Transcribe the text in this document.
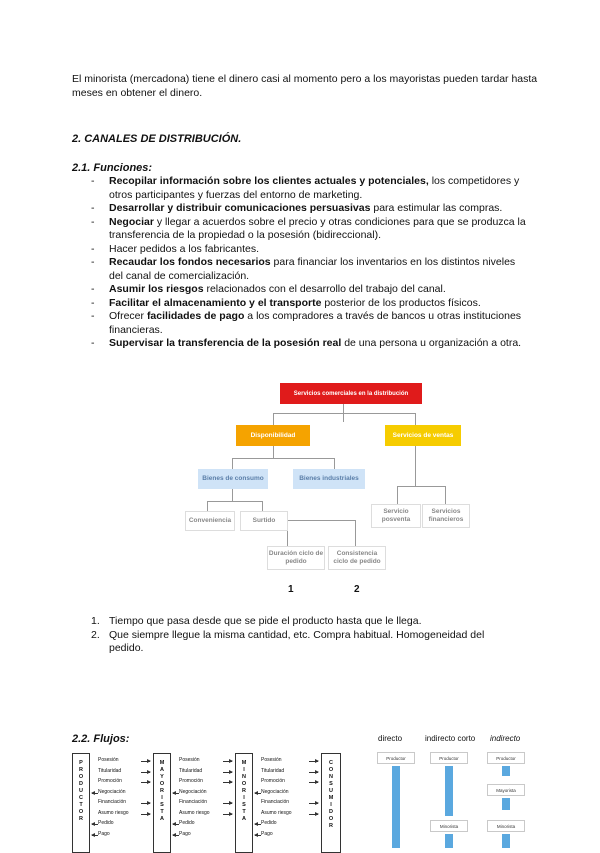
El minorista (mercadona) tiene el dinero casi al momento pero a los mayoristas pueden tardar hasta meses en obtener el dinero.

2. CANALES DE DISTRIBUCIÓN.

2.1. Funciones:

- Recopilar información sobre los clientes actuales y potenciales, los competidores y otros participantes y fuerzas del entorno de marketing.
- Desarrollar y distribuir comunicaciones persuasivas para estimular las compras.
- Negociar y llegar a acuerdos sobre el precio y otras condiciones para que se produzca la transferencia de la propiedad o la posesión (bidireccional).
- Hacer pedidos a los fabricantes.
- Recaudar los fondos necesarios para financiar los inventarios en los distintos niveles del canal de comercialización.
- Asumir los riesgos relacionados con el desarrollo del trabajo del canal.
- Facilitar el almacenamiento y el transporte posterior de los productos físicos.
- Ofrecer facilidades de pago a los compradores a través de bancos u otras instituciones financieras.
- Supervisar la transferencia de la posesión real de una persona u organización a otra.
Servicios comerciales en la distribución
Disponibilidad	Servicios de ventas
Bienes de consumo	Bienes industriales
Conveniencia	Surtido
Servicio posventa
Servicios financieros
Duración ciclo de pedido
Consistencia ciclo de pedido
1	2
1. Tiempo que pasa desde que se pide el producto hasta que le llega.
2. Que siempre llegue la misma cantidad, etc. Compra habitual. Homogeneidad del pedido.

2.2. Flujos:

P
R
O
D
U
C
T
O
R
M
A
Y
O
R
I
S
T
A
M
I
N
O
R
I
S
T
A
C
O
N
S
U
M
I
D
O
R
Posesión	Posesión	Posesión
Titularidad	Titularidad	Titularidad
Promoción	Promoción	Promoción
Negociación	Negociación	Negociación
Financiación	Financiación	Financiación
Asumo riesgo	Asumo riesgo	Asumo riesgo
Pedido	Pedido	Pedido
Pago	Pago	Pago
directo	indirecto corto indirecto
Productor	Productor	Productor
Mayorista
Minorista	Minorista
